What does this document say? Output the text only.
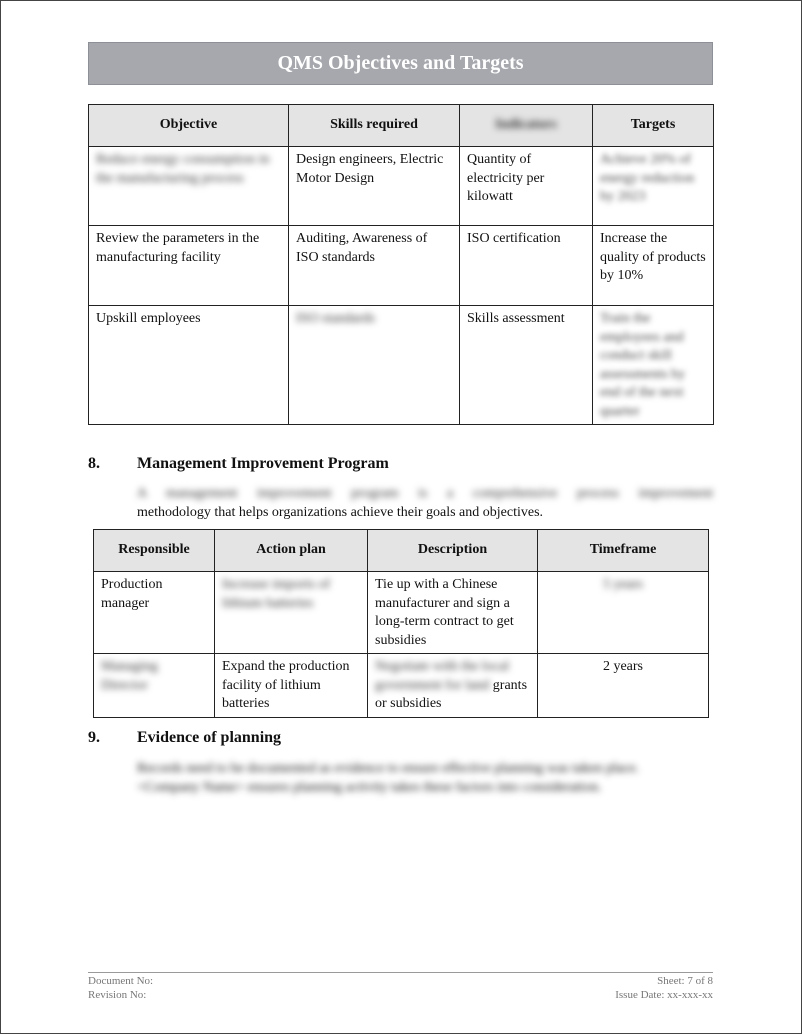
QMS Objectives and Targets
Objective	Skills required	Indicators	Targets
Reduce energy consumption in the manufacturing process	Design engineers, Electric Motor Design	Quantity of electricity per kilowatt	Achieve 20% of energy reduction by 2023
Review the parameters in the manufacturing facility	Auditing, Awareness of ISO standards	ISO certification	Increase the quality of products by 10%
Upskill employees	ISO standards	Skills assessment	Train the employees and conduct skill assessments by end of the next quarter
8. Management Improvement Program
A management improvement program is a comprehensive process improvement
methodology that helps organizations achieve their goals and objectives.
Responsible	Action plan	Description	Timeframe
Production manager	Increase imports of lithium batteries	Tie up with a Chinese manufacturer and sign a long-term contract to get subsidies	5 years
Managing Director	Expand the production facility of lithium batteries	Negotiate with the local government for land grants or subsidies	2 years
9. Evidence of planning
Records need to be documented as evidence to ensure effective planning was taken place.
<Company Name> ensures planning activity takes these factors into consideration.
Document No:
Revision No:
Sheet: 7 of 8
Issue Date: xx-xxx-xx
